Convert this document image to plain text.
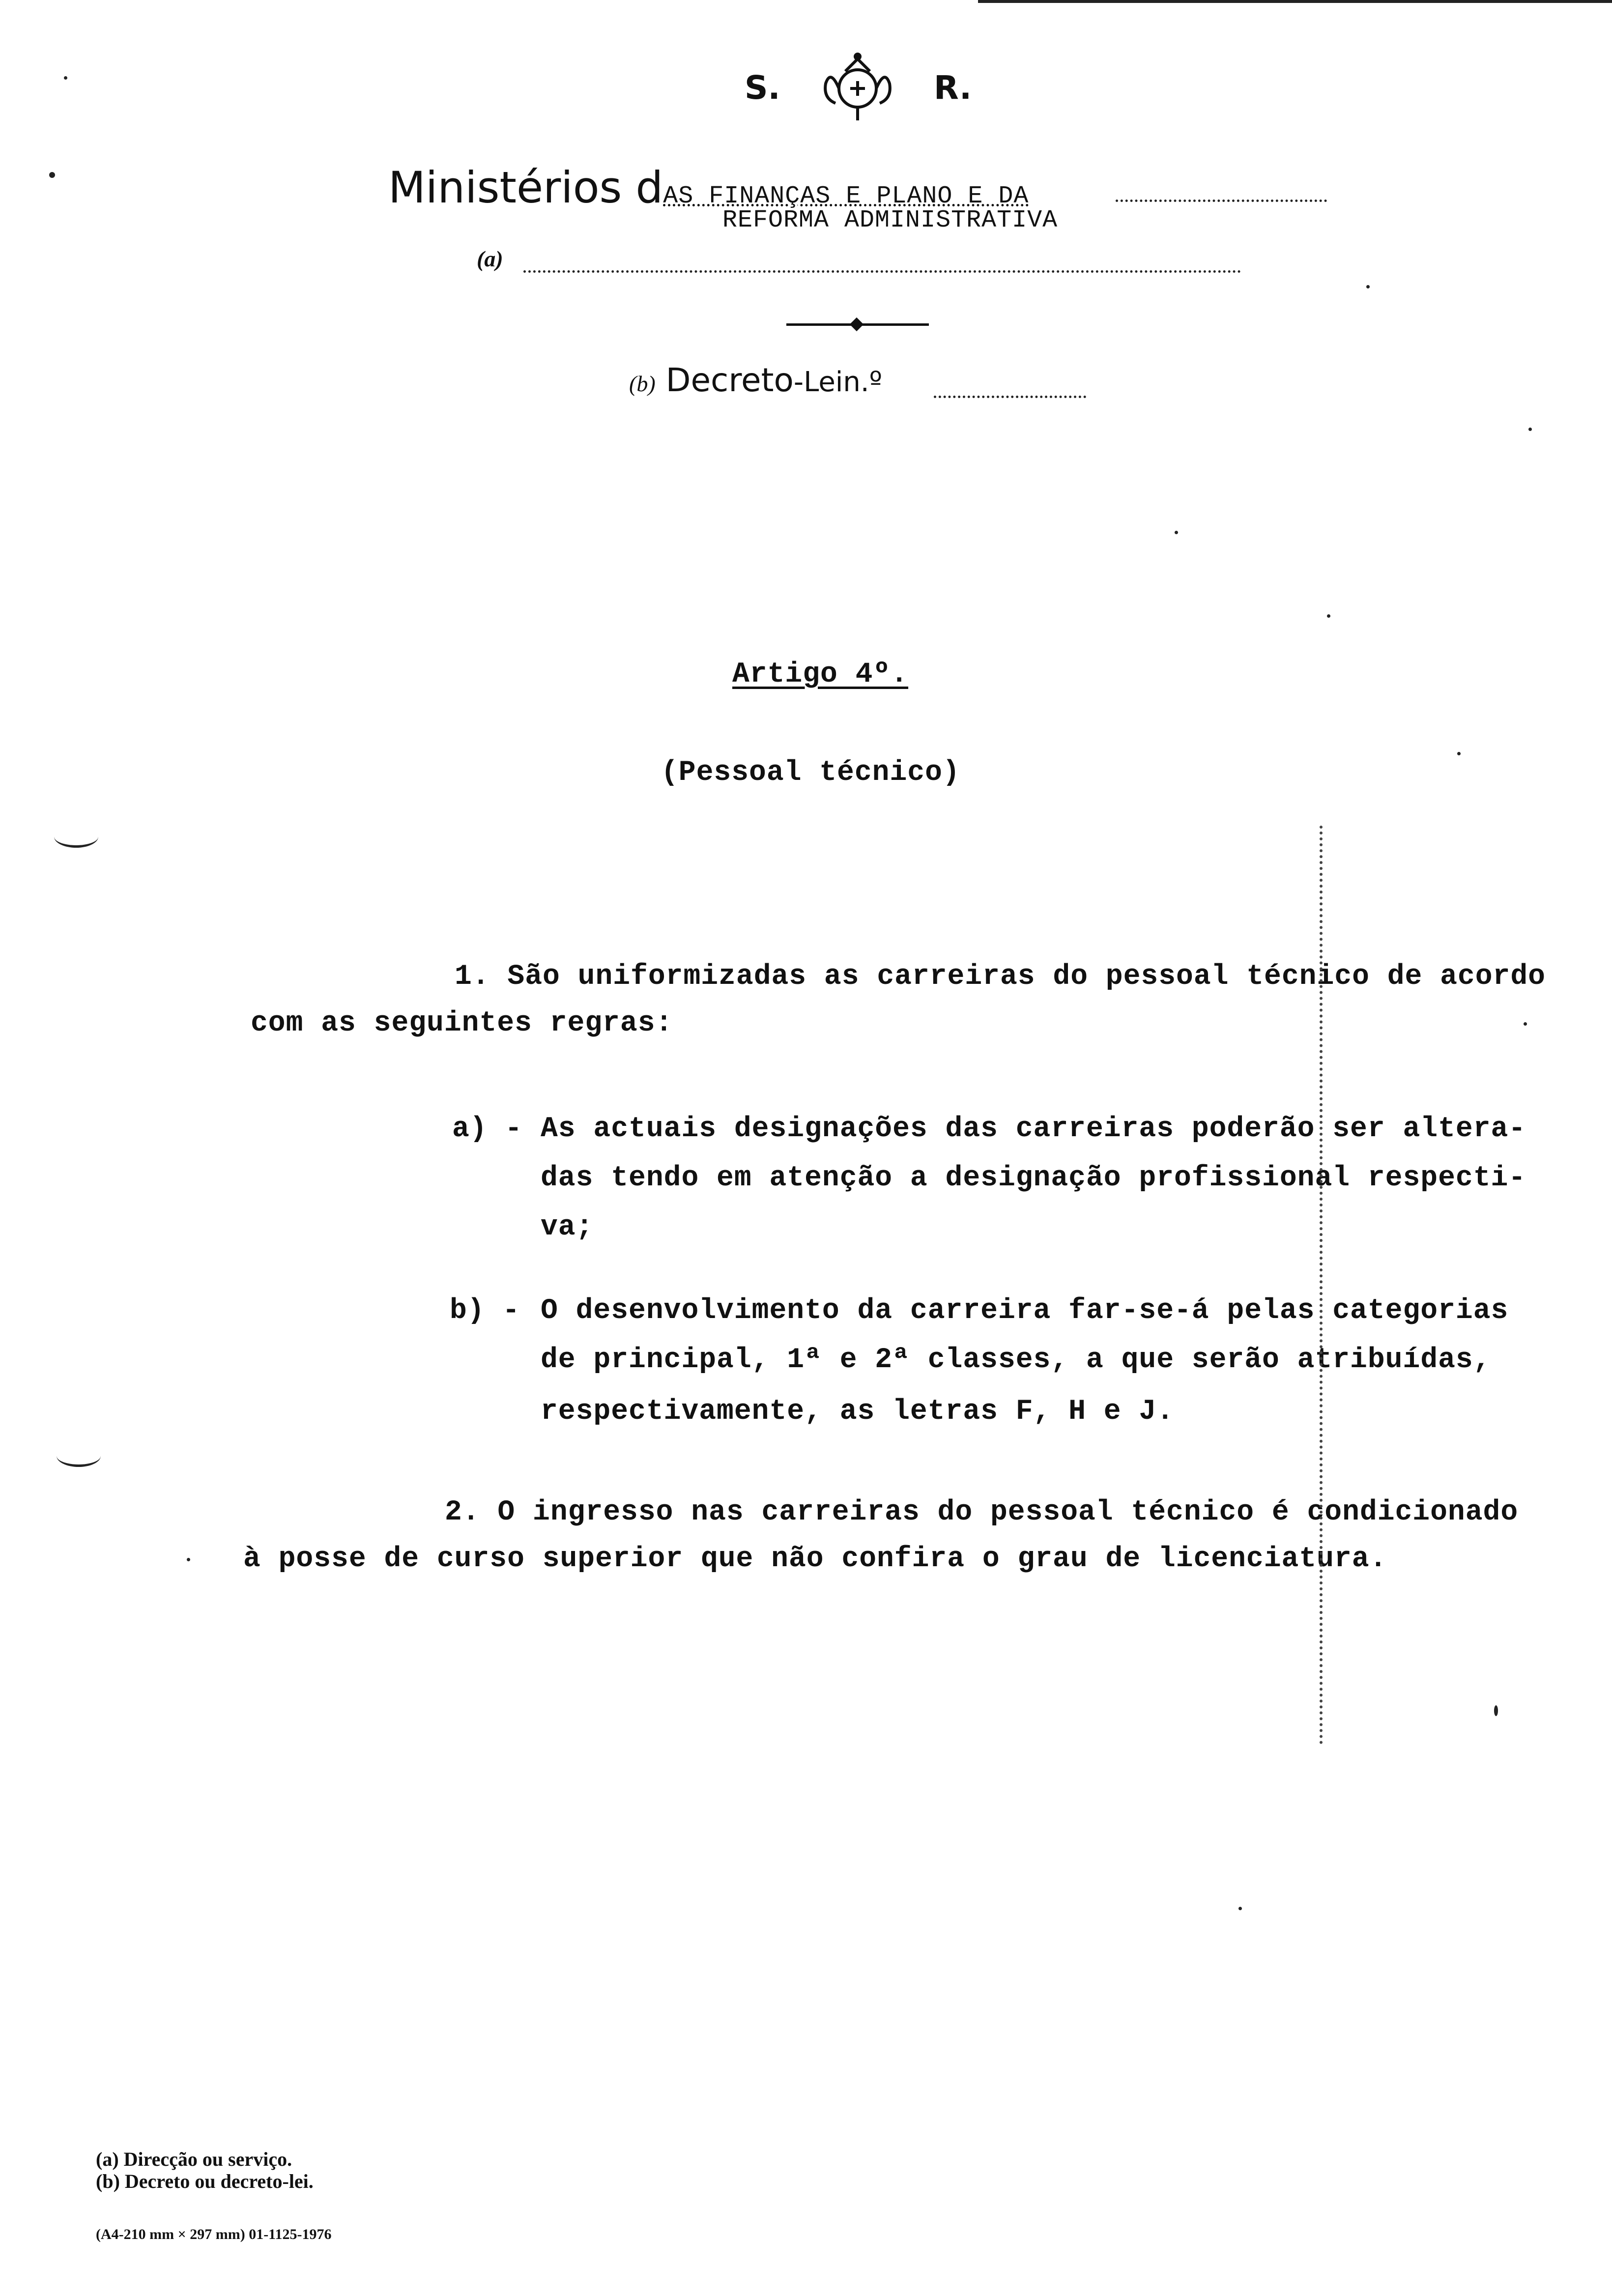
S.	R.
Ministérios dAS FINANÇAS E PLANO E DA
REFORMA ADMINISTRATIVA
(a)
(b) Decreto-Lein.º
Artigo 4º.
(Pessoal técnico)
1. São uniformizadas as carreiras do pessoal técnico de acordo
com as seguintes regras:
a) - As actuais designações das carreiras poderão ser altera-
das tendo em atenção a designação profissional respecti-
va;
b) - O desenvolvimento da carreira far-se-á pelas categorias
de principal, 1ª e 2ª classes, a que serão atribuídas,
respectivamente, as letras F, H e J.
2. O ingresso nas carreiras do pessoal técnico é condicionado
à posse de curso superior que não confira o grau de licenciatura.
(a) Direcção ou serviço.
(b) Decreto ou decreto-lei.
(A4-210 mm × 297 mm) 01-1125-1976
